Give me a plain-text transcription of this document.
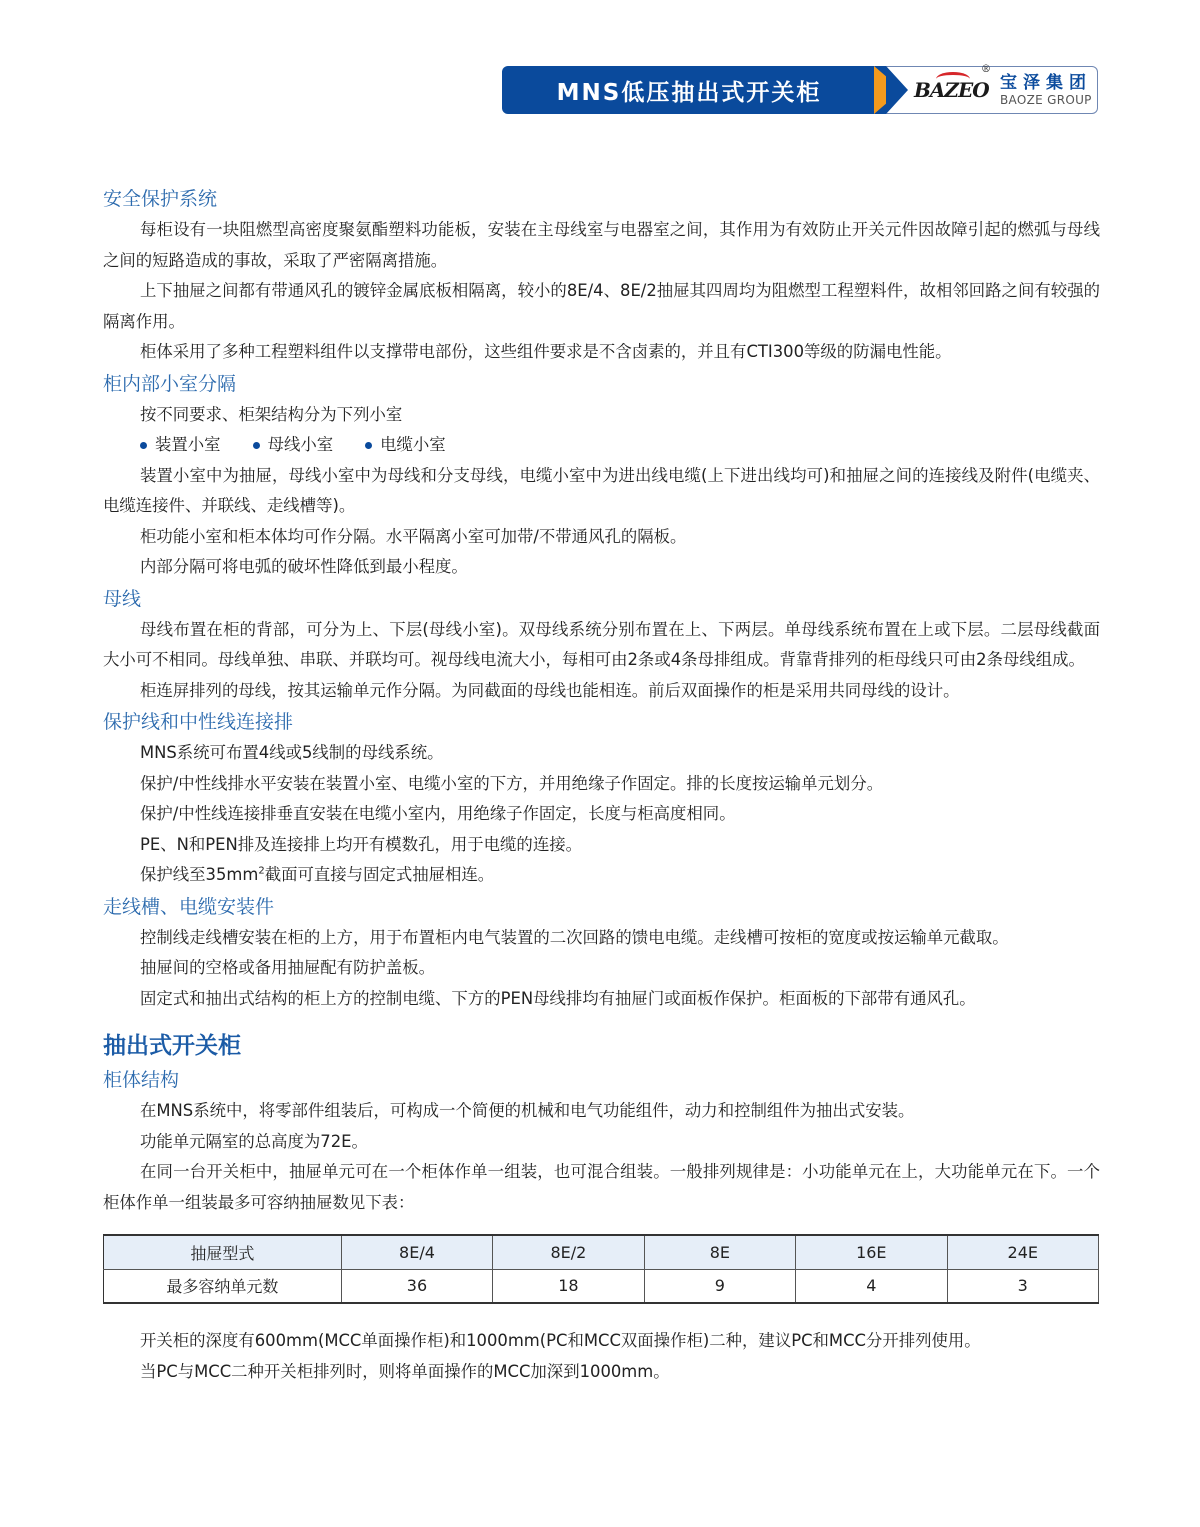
MNS低压抽出式开关柜	BAZEO
®
宝泽集团
BAOZE GROUP
安全保护系统

每柜设有一块阻燃型高密度聚氨酯塑料功能板，安装在主母线室与电器室之间，其作用为有效防止开关元件因故障引起的燃弧与母线之间的短路造成的事故，采取了严密隔离措施。

上下抽屉之间都有带通风孔的镀锌金属底板相隔离，较小的8E/4、8E/2抽屉其四周均为阻燃型工程塑料件，故相邻回路之间有较强的隔离作用。

柜体采用了多种工程塑料组件以支撑带电部份，这些组件要求是不含卤素的，并且有CTI300等级的防漏电性能。

柜内部小室分隔

按不同要求、柜架结构分为下列小室

装置小室	母线小室	电缆小室

装置小室中为抽屉，母线小室中为母线和分支母线，电缆小室中为进出线电缆(上下进出线均可)和抽屉之间的连接线及附件(电缆夹、电缆连接件、并联线、走线槽等)。

柜功能小室和柜本体均可作分隔。水平隔离小室可加带/不带通风孔的隔板。

内部分隔可将电弧的破坏性降低到最小程度。

母线

母线布置在柜的背部，可分为上、下层(母线小室)。双母线系统分别布置在上、下两层。单母线系统布置在上或下层。二层母线截面大小可不相同。母线单独、串联、并联均可。视母线电流大小，每相可由2条或4条母排组成。背靠背排列的柜母线只可由2条母线组成。

柜连屏排列的母线，按其运输单元作分隔。为同截面的母线也能相连。前后双面操作的柜是采用共同母线的设计。

保护线和中性线连接排

MNS系统可布置4线或5线制的母线系统。

保护/中性线排水平安装在装置小室、电缆小室的下方，并用绝缘子作固定。排的长度按运输单元划分。

保护/中性线连接排垂直安装在电缆小室内，用绝缘子作固定，长度与柜高度相同。

PE、N和PEN排及连接排上均开有模数孔，用于电缆的连接。

保护线至$35mm^2$截面可直接与固定式抽屉相连。

走线槽、电缆安装件

控制线走线槽安装在柜的上方，用于布置柜内电气装置的二次回路的馈电电缆。走线槽可按柜的宽度或按运输单元截取。

抽屉间的空格或备用抽屉配有防护盖板。

固定式和抽出式结构的柜上方的控制电缆、下方的PEN母线排均有抽屉门或面板作保护。柜面板的下部带有通风孔。

抽出式开关柜
柜体结构

在MNS系统中，将零部件组装后，可构成一个简便的机械和电气功能组件，动力和控制组件为抽出式安装。

功能单元隔室的总高度为72E。

在同一台开关柜中，抽屉单元可在一个柜体作单一组装，也可混合组装。一般排列规律是：小功能单元在上，大功能单元在下。一个柜体作单一组装最多可容纳抽屉数见下表：

抽屉型式	8E/4	8E/2	8E	16E	24E
最多容纳单元数	36	18	9	4	3

开关柜的深度有600mm(MCC单面操作柜)和1000mm(PC和MCC双面操作柜)二种，建议PC和MCC分开排列使用。

当PC与MCC二种开关柜排列时，则将单面操作的MCC加深到1000mm。
